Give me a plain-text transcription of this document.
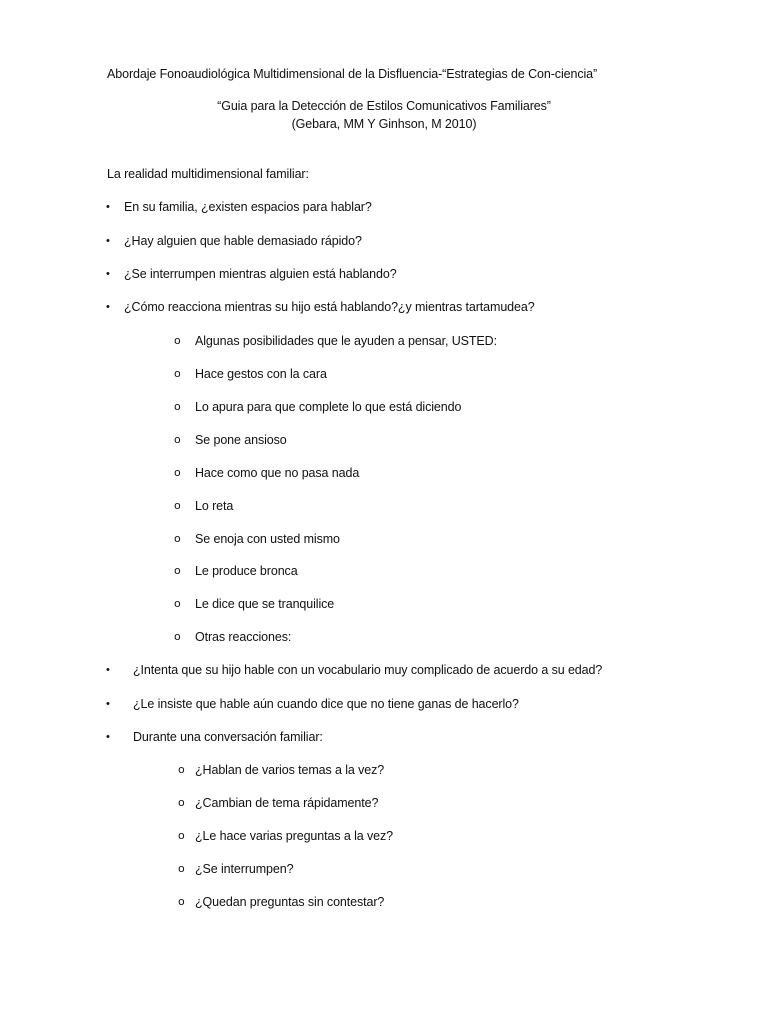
Abordaje Fonoaudiológica Multidimensional de la Disfluencia-“Estrategias de Con-ciencia”
“Guia para la Detección de Estilos Comunicativos Familiares”
(Gebara, MM Y Ginhson, M 2010)
La realidad multidimensional familiar:
• En su familia, ¿existen espacios para hablar?
• ¿Hay alguien que hable demasiado rápido?
• ¿Se interrumpen mientras alguien está hablando?
• ¿Cómo reacciona mientras su hijo está hablando?¿y mientras tartamudea?
o Algunas posibilidades que le ayuden a pensar, USTED:
o Hace gestos con la cara
o Lo apura para que complete lo que está diciendo
o Se pone ansioso
o Hace como que no pasa nada
o Lo reta
o Se enoja con usted mismo
o Le produce bronca
o Le dice que se tranquilice
o Otras reacciones:
• ¿Intenta que su hijo hable con un vocabulario muy complicado de acuerdo a su edad?
• ¿Le insiste que hable aún cuando dice que no tiene ganas de hacerlo?
• Durante una conversación familiar:
o ¿Hablan de varios temas a la vez?
o ¿Cambian de tema rápidamente?
o ¿Le hace varias preguntas a la vez?
o ¿Se interrumpen?
o ¿Quedan preguntas sin contestar?
